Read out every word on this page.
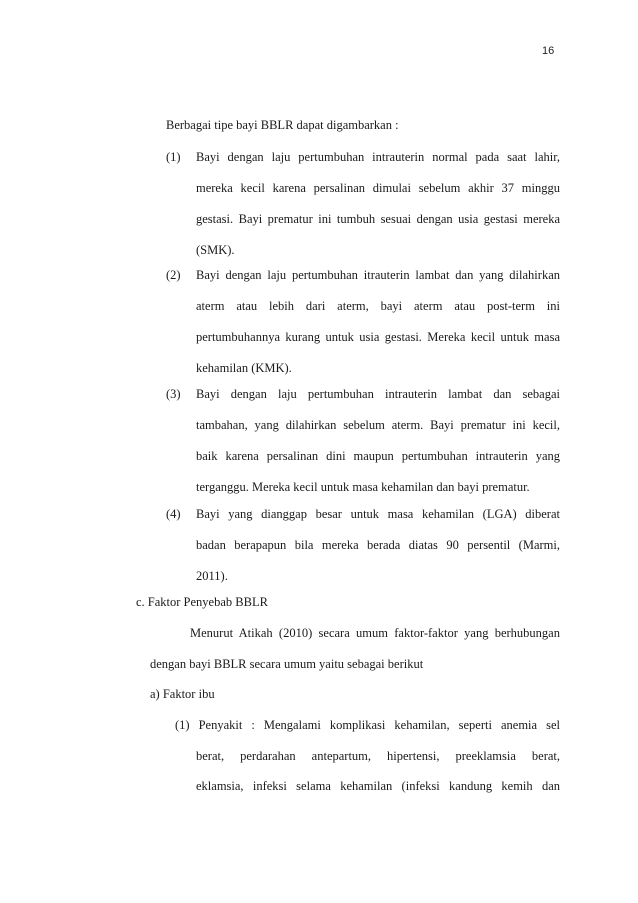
16
Berbagai tipe bayi BBLR dapat digambarkan :
(1) Bayi dengan laju pertumbuhan intrauterin normal pada saat lahir,
mereka kecil karena persalinan dimulai sebelum akhir 37 minggu
gestasi. Bayi prematur ini tumbuh sesuai dengan usia gestasi mereka
(SMK).
(2) Bayi dengan laju pertumbuhan itrauterin lambat dan yang dilahirkan
aterm atau lebih dari aterm, bayi aterm atau post-term ini
pertumbuhannya kurang untuk usia gestasi. Mereka kecil untuk masa
kehamilan (KMK).
(3) Bayi dengan laju pertumbuhan intrauterin lambat dan sebagai
tambahan, yang dilahirkan sebelum aterm. Bayi prematur ini kecil,
baik karena persalinan dini maupun pertumbuhan intrauterin yang
terganggu. Mereka kecil untuk masa kehamilan dan bayi prematur.
(4) Bayi yang dianggap besar untuk masa kehamilan (LGA) diberat
badan berapapun bila mereka berada diatas 90 persentil (Marmi,
2011).
c. Faktor Penyebab BBLR
Menurut Atikah (2010) secara umum faktor-faktor yang berhubungan
dengan bayi BBLR secara umum yaitu sebagai berikut
a) Faktor ibu
(1) Penyakit : Mengalami komplikasi kehamilan, seperti anemia sel
berat, perdarahan antepartum, hipertensi, preeklamsia berat,
eklamsia, infeksi selama kehamilan (infeksi kandung kemih dan
